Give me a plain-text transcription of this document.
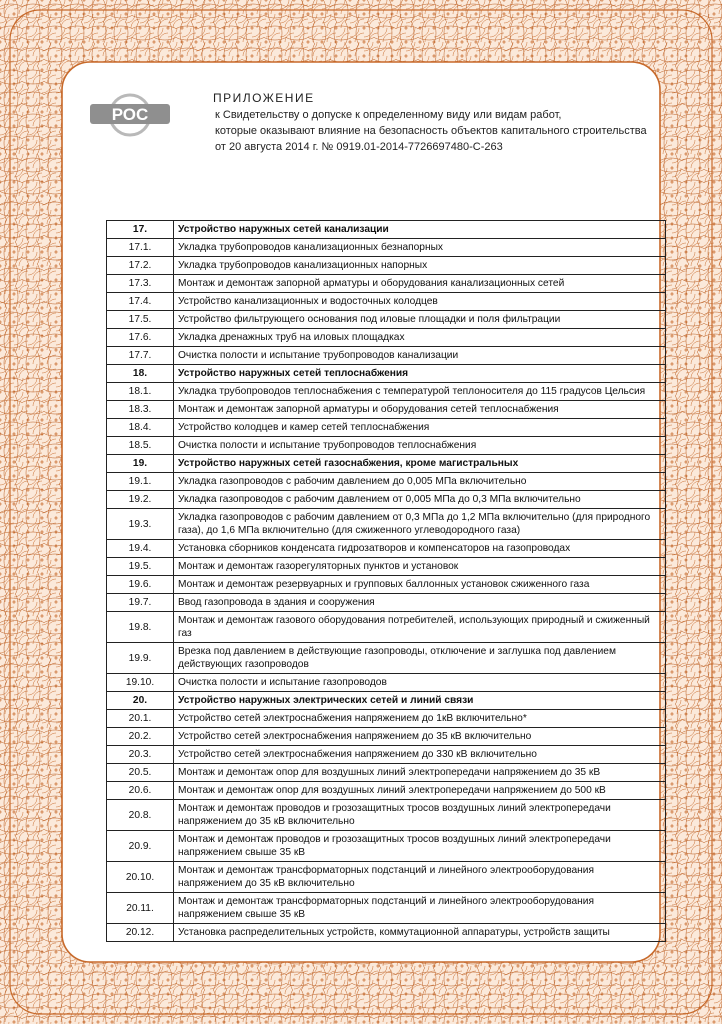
РОС
ПРИЛОЖЕНИЕ
к Свидетельству о допуске к определенному виду или видам работ,
которые оказывают влияние на безопасность объектов капитального строительства
от 20 августа 2014 г. № 0919.01-2014-7726697480-С-263
17.	Устройство наружных сетей канализации
17.1.	Укладка трубопроводов канализационных безнапорных
17.2.	Укладка трубопроводов канализационных напорных
17.3.	Монтаж и демонтаж запорной арматуры и оборудования канализационных сетей
17.4.	Устройство канализационных и водосточных колодцев
17.5.	Устройство фильтрующего основания под иловые площадки и поля фильтрации
17.6.	Укладка дренажных труб на иловых площадках
17.7.	Очистка полости и испытание трубопроводов канализации
18.	Устройство наружных сетей теплоснабжения
18.1.	Укладка трубопроводов теплоснабжения с температурой теплоносителя до 115 градусов Цельсия
18.3.	Монтаж и демонтаж запорной арматуры и оборудования сетей теплоснабжения
18.4.	Устройство колодцев и камер сетей теплоснабжения
18.5.	Очистка полости и испытание трубопроводов теплоснабжения
19.	Устройство наружных сетей газоснабжения, кроме магистральных
19.1.	Укладка газопроводов с рабочим давлением до 0,005 МПа включительно
19.2.	Укладка газопроводов с рабочим давлением от 0,005 МПа до 0,3 МПа включительно
19.3.	Укладка газопроводов с рабочим давлением от 0,3 МПа до 1,2 МПа включительно (для природного газа), до 1,6 МПа включительно (для сжиженного углеводородного газа)
19.4.	Установка сборников конденсата гидрозатворов и компенсаторов на газопроводах
19.5.	Монтаж и демонтаж газорегуляторных пунктов и установок
19.6.	Монтаж и демонтаж резервуарных и групповых баллонных установок сжиженного газа
19.7.	Ввод газопровода в здания и сооружения
19.8.	Монтаж и демонтаж газового оборудования потребителей, использующих природный и сжиженный газ
19.9.	Врезка под давлением в действующие газопроводы, отключение и заглушка под давлением действующих газопроводов
19.10.	Очистка полости и испытание газопроводов
20.	Устройство наружных электрических сетей и линий связи
20.1.	Устройство сетей электроснабжения напряжением до 1кВ включительно*
20.2.	Устройство сетей электроснабжения напряжением до 35 кВ включительно
20.3.	Устройство сетей электроснабжения напряжением до 330 кВ включительно
20.5.	Монтаж и демонтаж опор для воздушных линий электропередачи напряжением до 35 кВ
20.6.	Монтаж и демонтаж опор для воздушных линий электропередачи напряжением до 500 кВ
20.8.	Монтаж и демонтаж проводов и грозозащитных тросов воздушных линий электропередачи напряжением до 35 кВ включительно
20.9.	Монтаж и демонтаж проводов и грозозащитных тросов воздушных линий электропередачи напряжением свыше 35 кВ
20.10.	Монтаж и демонтаж трансформаторных подстанций и линейного электрооборудования напряжением до 35 кВ включительно
20.11.	Монтаж и демонтаж трансформаторных подстанций и линейного электрооборудования напряжением свыше 35 кВ
20.12.	Установка распределительных устройств, коммутационной аппаратуры, устройств защиты
